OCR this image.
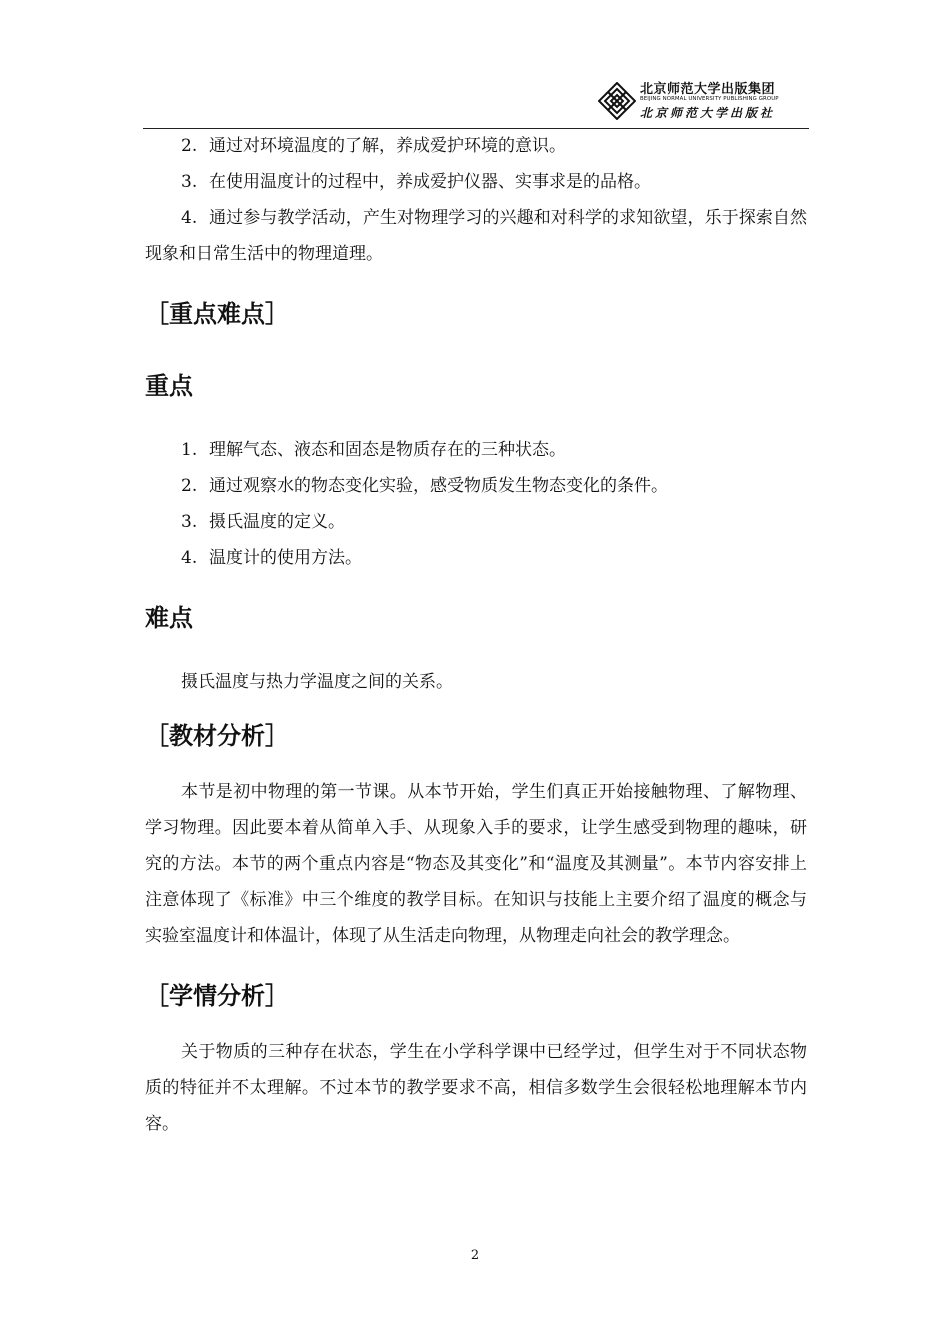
北京师范大学出版集团
BEIJING NORMAL UNIVERSITY PUBLISHING GROUP
北京师范大学出版社

2. 通过对环境温度的了解，养成爱护环境的意识。

3. 在使用温度计的过程中，养成爱护仪器、实事求是的品格。

4. 通过参与教学活动，产生对物理学习的兴趣和对科学的求知欲望，乐于探索自然现象和日常生活中的物理道理。

［重点难点］
重点

1. 理解气态、液态和固态是物质存在的三种状态。

2. 通过观察水的物态变化实验，感受物质发生物态变化的条件。

3. 摄氏温度的定义。

4. 温度计的使用方法。

难点

摄氏温度与热力学温度之间的关系。

［教材分析］

本节是初中物理的第一节课。从本节开始，学生们真正开始接触物理、了解物理、学习物理。因此要本着从简单入手、从现象入手的要求，让学生感受到物理的趣味，研究的方法。本节的两个重点内容是“物态及其变化”和“温度及其测量”。本节内容安排上注意体现了《标准》中三个维度的教学目标。在知识与技能上主要介绍了温度的概念与实验室温度计和体温计，体现了从生活走向物理，从物理走向社会的教学理念。

［学情分析］

关于物质的三种存在状态，学生在小学科学课中已经学过，但学生对于不同状态物质的特征并不太理解。不过本节的教学要求不高，相信多数学生会很轻松地理解本节内容。

2
